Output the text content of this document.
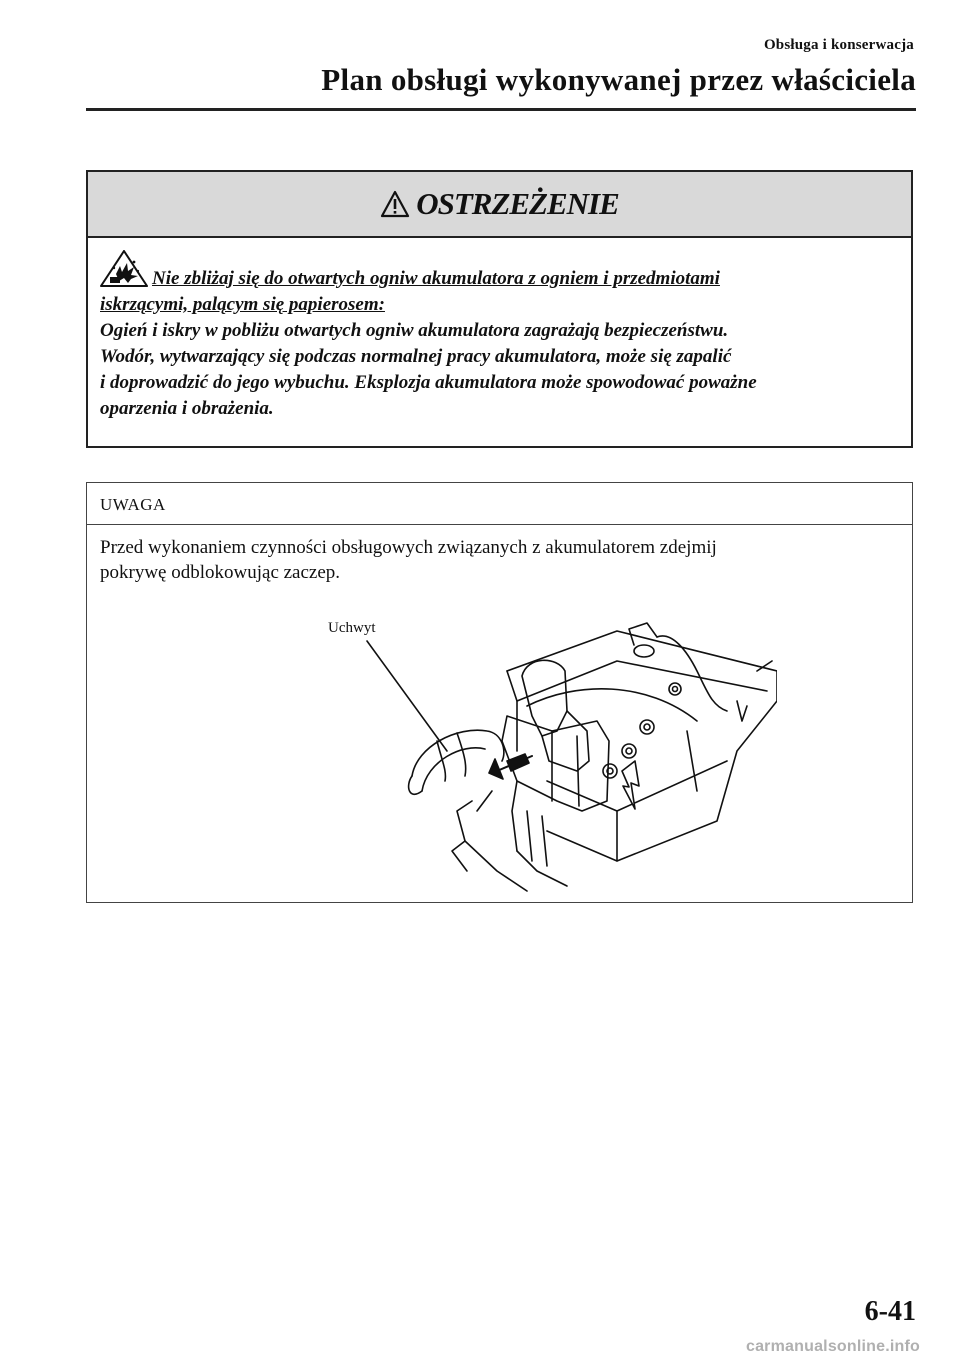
Obsługa i konserwacja
Plan obsługi wykonywanej przez właściciela
OSTRZEŻENIE
Nie zbliżaj się do otwartych ogniw akumulatora z ogniem i przedmiotami
iskrzącymi, palącym się papierosem:
Ogień i iskry w pobliżu otwartych ogniw akumulatora zagrażają bezpieczeństwu.
Wodór, wytwarzający się podczas normalnej pracy akumulatora, może się zapalić
i doprowadzić do jego wybuchu. Eksplozja akumulatora może spowodować poważne
oparzenia i obrażenia.
UWAGA
Przed wykonaniem czynności obsługowych związanych z akumulatorem zdejmij
pokrywę odblokowując zaczep.
Uchwyt
6-41
carmanualsonline.info
